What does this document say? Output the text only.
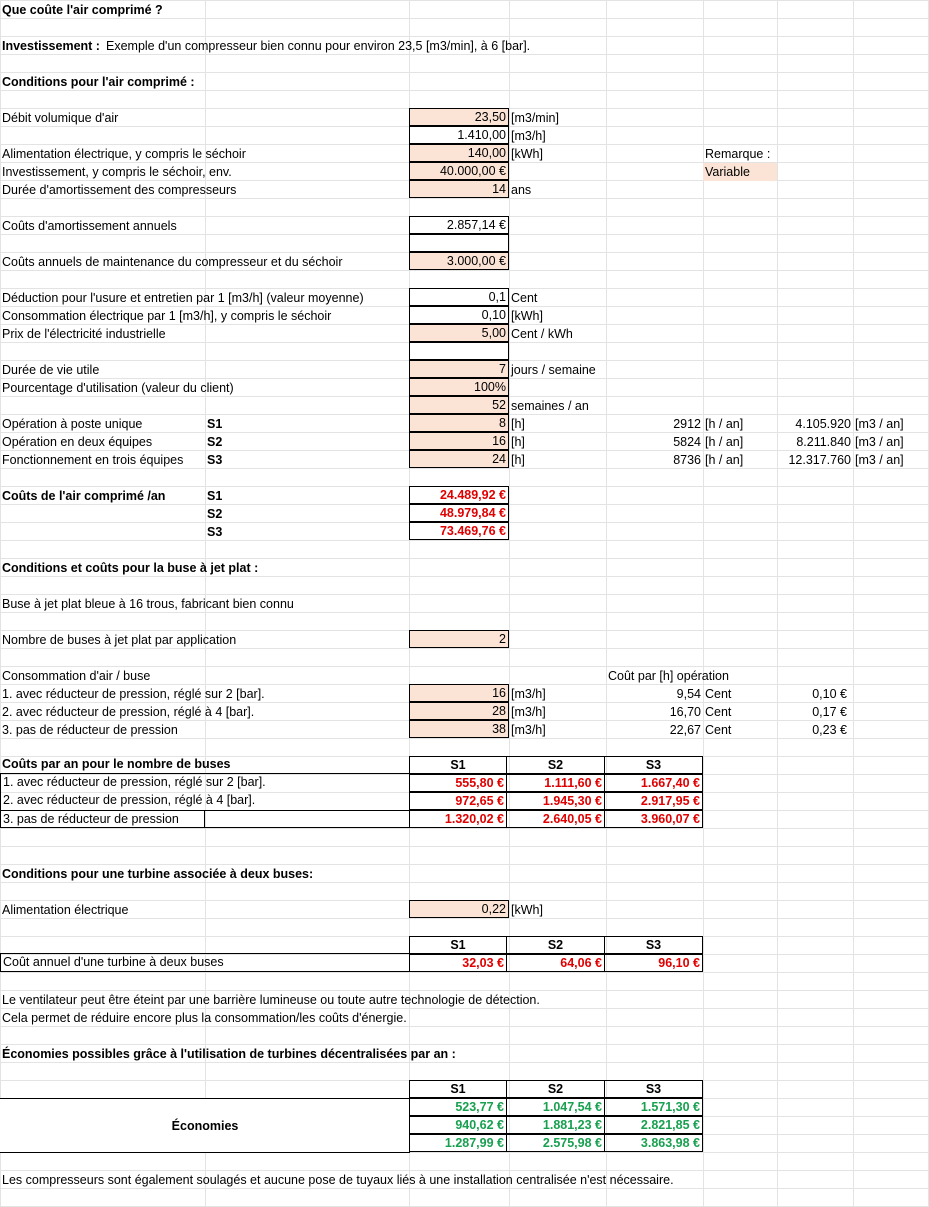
Que coûte l'air comprimé ?
Investissement : Exemple d'un compresseur bien connu pour environ 23,5 [m3/min], à 6 [bar].
Conditions pour l'air comprimé :
Débit volumique d'air	23,50 [m3/min]
1.410,00 [m3/h]
Alimentation électrique, y compris le séchoir	140,00 [kWh]	Remarque :
Investissement, y compris le séchoir, env.	40.000,00 €	Variable
Durée d'amortissement des compresseurs	14 ans
Coûts d'amortissement annuels	2.857,14 €
Coûts annuels de maintenance du compresseur et du séchoir	3.000,00 €
Déduction pour l'usure et entretien par 1 [m3/h] (valeur moyenne)	0,1 Cent
Consommation électrique par 1 [m3/h], y compris le séchoir	0,10 [kWh]
Prix de l'électricité industrielle	5,00 Cent / kWh
Durée de vie utile	7 jours / semaine
Pourcentage d'utilisation (valeur du client)	100%
52 semaines / an
Opération à poste unique	S1	8 [h]	2912 [h / an]	4.105.920 [m3 / an]
Opération en deux équipes	S2	16 [h]	5824 [h / an]	8.211.840 [m3 / an]
Fonctionnement en trois équipes S3	24 [h]	8736 [h / an]	12.317.760 [m3 / an]
Coûts de l'air comprimé /an	S1	24.489,92 €
S2	48.979,84 €
S3	73.469,76 €
Conditions et coûts pour la buse à jet plat :
Buse à jet plat bleue à 16 trous, fabricant bien connu
Nombre de buses à jet plat par application	2
Consommation d'air / buse	Coût par [h] opération
1. avec réducteur de pression, réglé sur 2 [bar].	16 [m3/h]	9,54 Cent	0,10 €
2. avec réducteur de pression, réglé à 4 [bar].	28 [m3/h]	16,70 Cent	0,17 €
3. pas de réducteur de pression	38 [m3/h]	22,67 Cent	0,23 €
Coûts par an pour le nombre de buses	S1	S2	S3
1. avec réducteur de pression, réglé sur 2 [bar].	555,80 €	1.111,60 €	1.667,40 €
2. avec réducteur de pression, réglé à 4 [bar].	972,65 €	1.945,30 €	2.917,95 €
3. pas de réducteur de pression	1.320,02 €	2.640,05 €	3.960,07 €
Conditions pour une turbine associée à deux buses:
Alimentation électrique	0,22 [kWh]
S1	S2	S3
Coût annuel d'une turbine à deux buses	32,03 €	64,06 €	96,10 €
Le ventilateur peut être éteint par une barrière lumineuse ou toute autre technologie de détection.
Cela permet de réduire encore plus la consommation/les coûts d'énergie.
Économies possibles grâce à l'utilisation de turbines décentralisées par an :
S1	S2	S3
Économies
523,77 €	1.047,54 €	1.571,30 €
940,62 €	1.881,23 €	2.821,85 €
1.287,99 €	2.575,98 €	3.863,98 €
Les compresseurs sont également soulagés et aucune pose de tuyaux liés à une installation centralisée n'est nécessaire.
